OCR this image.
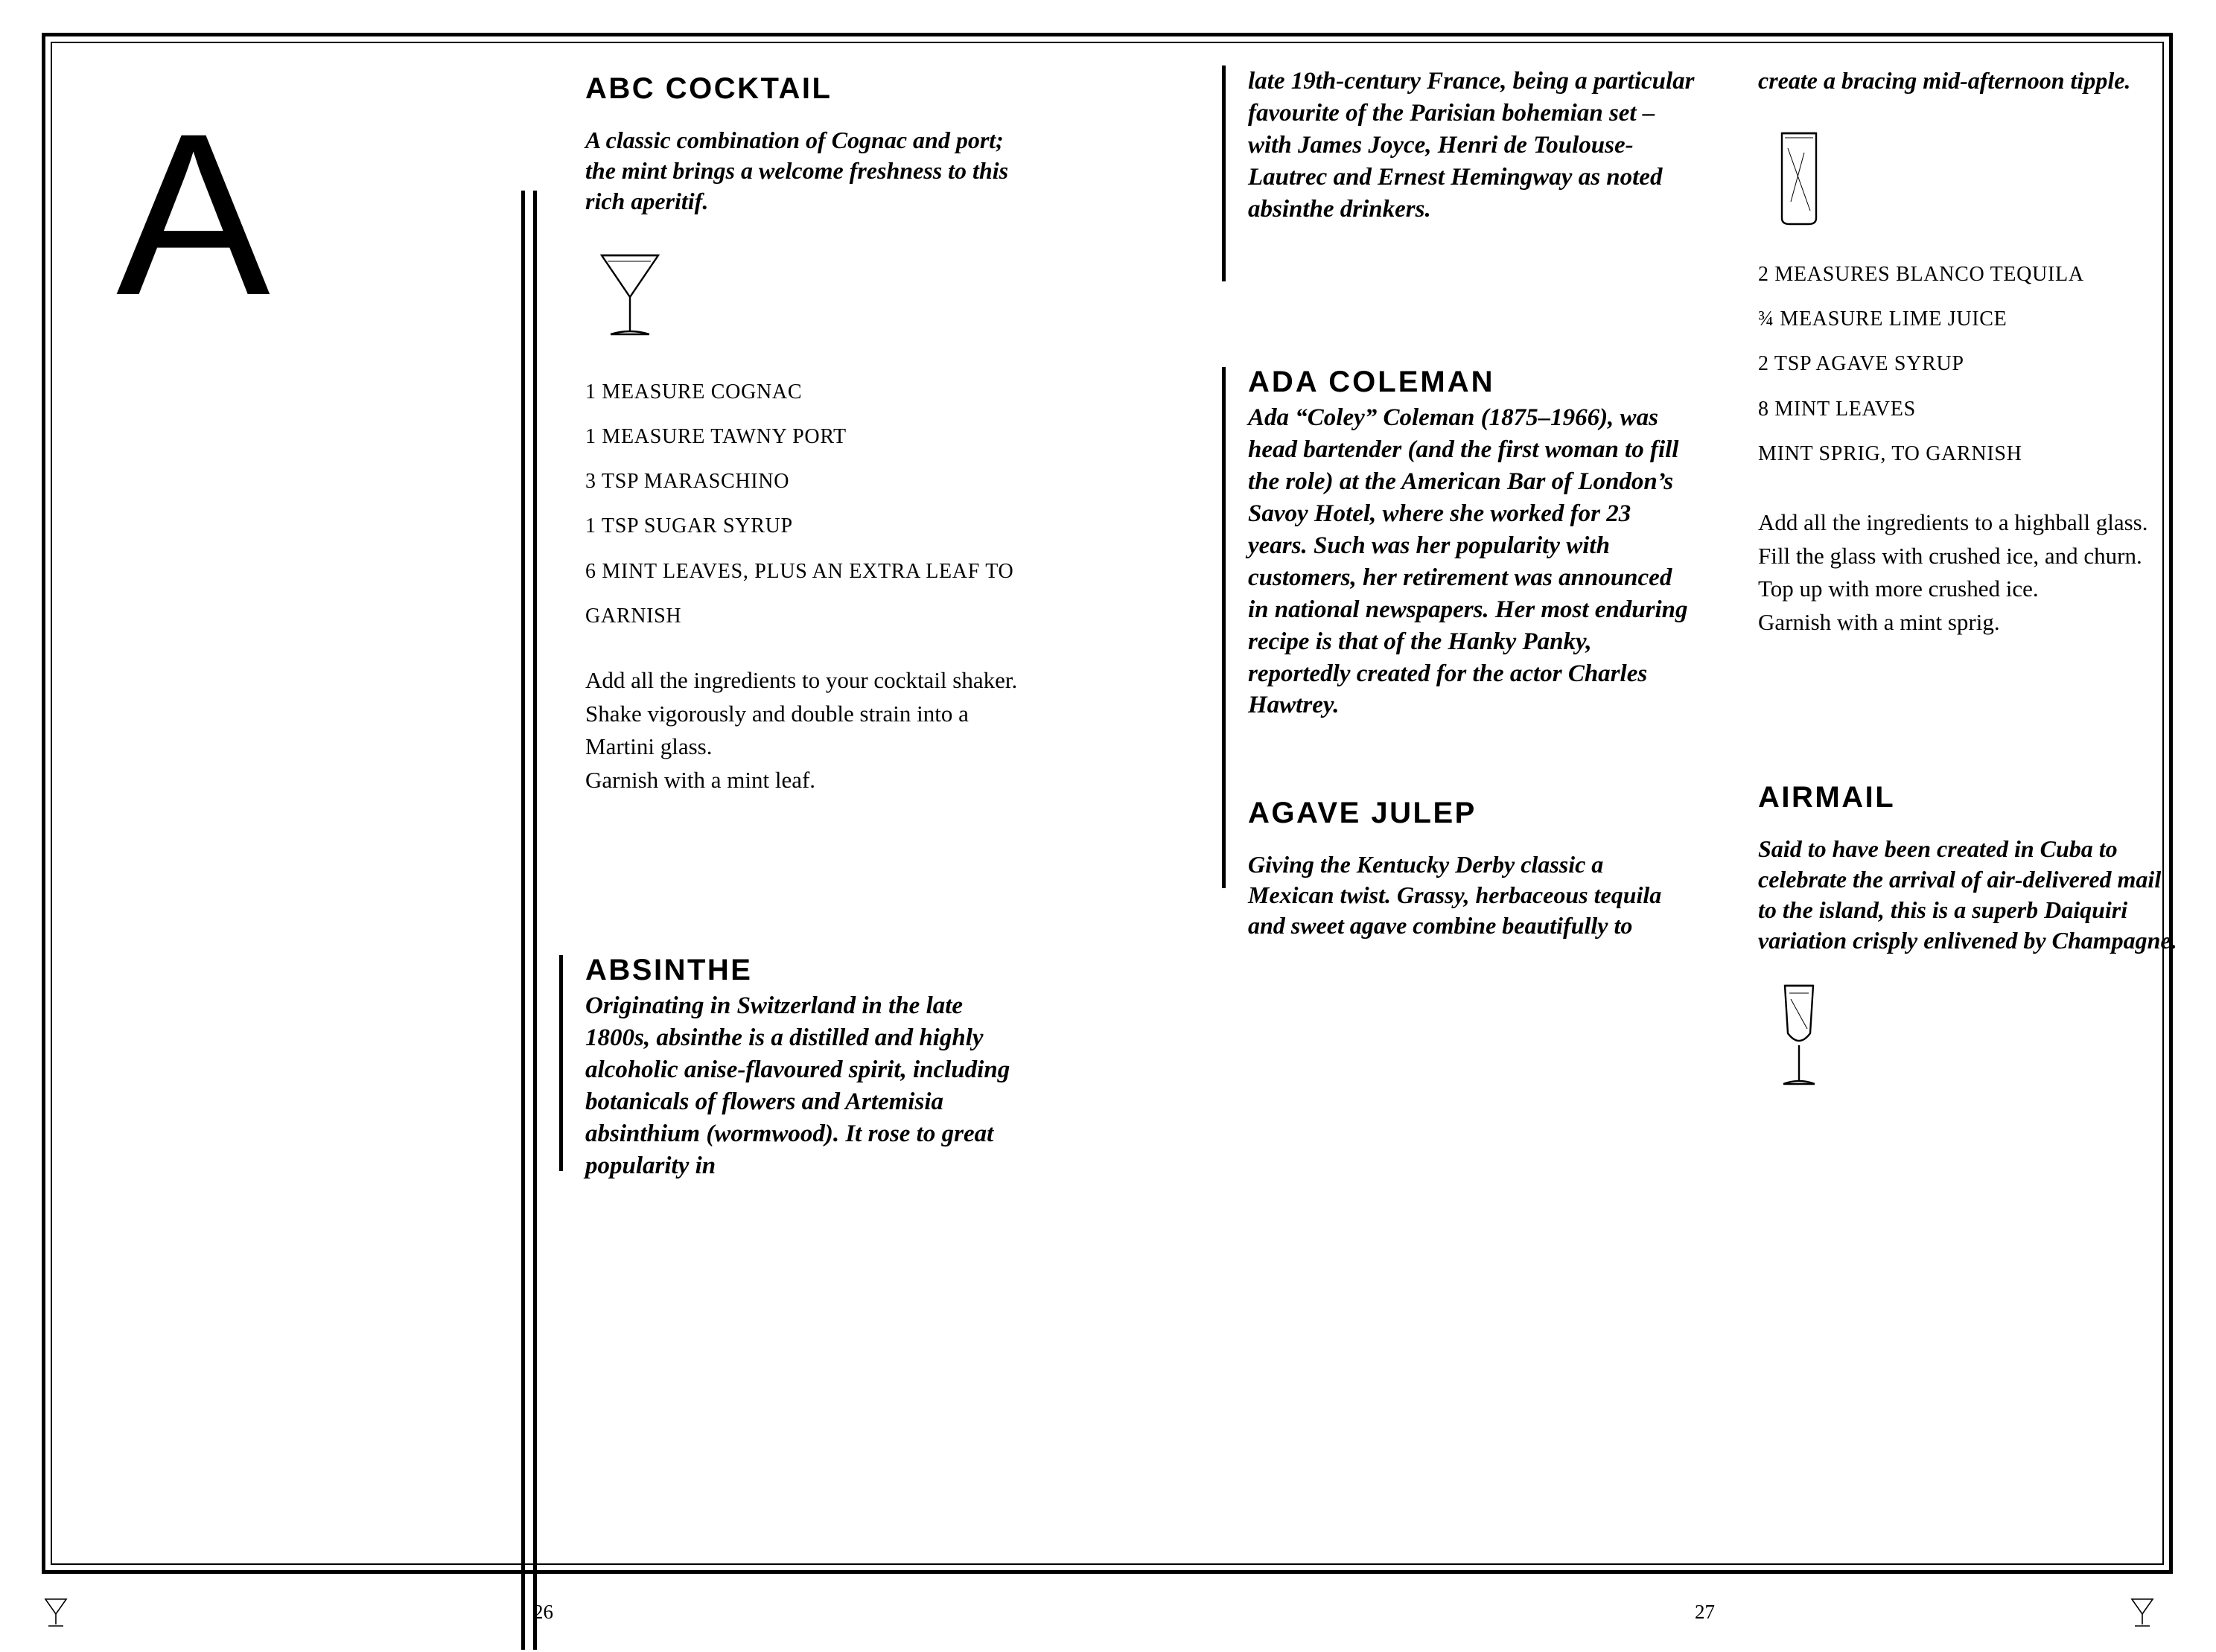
A	ABC COCKTAIL

A classic combination of Cognac and port; the mint brings a welcome freshness to this rich aperitif.

1 MEASURE COGNAC
1 MEASURE TAWNY PORT
3 TSP MARASCHINO
1 TSP SUGAR SYRUP
6 MINT LEAVES, PLUS AN EXTRA LEAF TO GARNISH
Add all the ingredients to your cocktail shaker.
Shake vigorously and double strain into a Martini glass.
Garnish with a mint leaf.
ABSINTHE

Originating in Switzerland in the late 1800s, absinthe is a distilled and highly alcoholic anise-flavoured spirit, including botanicals of flowers and Artemisia absinthium (wormwood). It rose to great popularity in

late 19th-century France, being a particular favourite of the Parisian bohemian set – with James Joyce, Henri de Toulouse-Lautrec and Ernest Hemingway as noted absinthe drinkers.

ADA COLEMAN

Ada “Coley” Coleman (1875–1966), was head bartender (and the first woman to fill the role) at the American Bar of London’s Savoy Hotel, where she worked for 23 years. Such was her popularity with customers, her retirement was announced in national newspapers. Her most enduring recipe is that of the Hanky Panky, reportedly created for the actor Charles Hawtrey.

AGAVE JULEP

Giving the Kentucky Derby classic a Mexican twist. Grassy, herbaceous tequila and sweet agave combine beautifully to

create a bracing mid-afternoon tipple.

2 MEASURES BLANCO TEQUILA
¾ MEASURE LIME JUICE
2 TSP AGAVE SYRUP
8 MINT LEAVES
MINT SPRIG, TO GARNISH
Add all the ingredients to a highball glass.
Fill the glass with crushed ice, and churn.
Top up with more crushed ice.
Garnish with a mint sprig.
AIRMAIL

Said to have been created in Cuba to celebrate the arrival of air-delivered mail to the island, this is a superb Daiquiri variation crisply enlivened by Champagne.

26	27
